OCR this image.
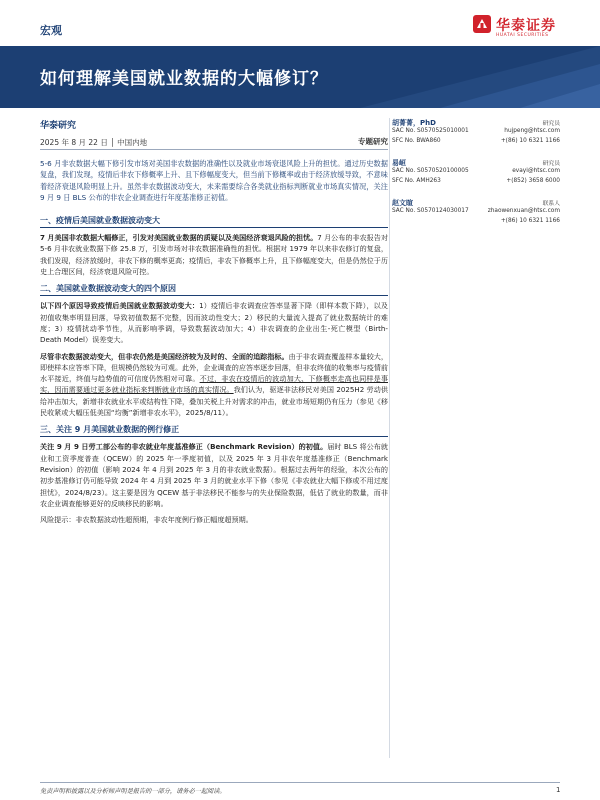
宏观	华泰证券
HUATAI SECURITIES
如何理解美国就业数据的大幅修订？
华泰研究
2025 年 8 月 22 日 │ 中国内地	专题研究

5-6 月非农数据大幅下修引发市场对美国非农数据的准确性以及就业市场衰退风险上升的担忧。通过历史数据复盘，我们发现，疫情后非农下修概率上升、且下修幅度变大，但当前下修概率或由于经济放缓导致，不意味着经济衰退风险明显上升。虽然非农数据波动变大，未来需要综合各类就业指标判断就业市场真实情况，关注 9 月 9 日 BLS 公布的非农企业调查进行年度基准修正初值。

一、疫情后美国就业数据波动变大

7 月美国非农数据大幅修正，引发对美国就业数据的质疑以及美国经济衰退风险的担忧。7 月公布的非农报告对 5-6 月非农就业数据下修 25.8 万，引发市场对非农数据准确性的担忧。根据对 1979 年以来非农修订的复盘，我们发现，经济放缓时，非农下修的概率更高；疫情后，非农下修概率上升，且下修幅度变大，但是仍然位于历史上合理区间，经济衰退风险可控。

二、美国就业数据波动变大的四个原因

以下四个原因导致疫情后美国就业数据波动变大：1）疫情后非农调查应答率显著下降（即样本数下降），以及初值收集率明显回落，导致初值数据不完整，因而波动性变大；2）移民的大量流入提高了就业数据统计的难度；3）疫情扰动季节性，从而影响季调，导致数据波动加大；4）非农调查的企业出生-死亡模型（Birth-Death Model）误差变大。

尽管非农数据波动变大，但非农仍然是美国经济较为及时的、全面的追踪指标。由于非农调查覆盖样本量较大，即使样本应答率下降，但规模仍然较为可观。此外，企业调查的应答率逐步回落，但非农终值的收集率与疫情前水平接近，终值与趋势值的可信度仍然相对可靠。不过，非农在疫情后的波动加大、下修概率走高也同样是事实，因而需要通过更多就业指标来判断就业市场的真实情况。我们认为，驱逐非法移民对美国 2025H2 劳动供给冲击加大，新增非农就业水平或结构性下降，叠加关税上升对需求的冲击，就业市场短期仍有压力（参见《移民收紧或大幅压低美国“均衡”新增非农水平》，2025/8/11）。

三、关注 9 月美国就业数据的例行修正

关注 9 月 9 日劳工部公布的非农就业年度基准修正（Benchmark Revision）的初值。届时 BLS 将公布就业和工资季度普查（QCEW）的 2025 年一季度初值，以及 2025 年 3 月非农年度基准修正（Benchmark Revision）的初值（影响 2024 年 4 月到 2025 年 3 月的非农就业数据）。根据过去两年的经验，本次公布的初步基准修订仍可能导致 2024 年 4 月到 2025 年 3 月的就业水平下修（参见《非农就业大幅下修或不用过度担忧》，2024/8/23）。这主要是因为 QCEW 基于非法移民不能参与的失业保险数据，低估了就业的数量，而非农企业调查能够更好的反映移民的影响。

风险提示：非农数据波动性超预期，非农年度例行修正幅度超预期。

胡菁菁，PhD	研究员
SAC No. S0570525010001	hujpeng@htsc.com
SFC No. BWA860	+(86) 10 6321 1166
易峘	研究员
SAC No. S0570520100005	evayi@htsc.com
SFC No. AMH263	+(852) 3658 6000
赵文暄	联系人
SAC No. S0570124030017	zhaowenxuan@htsc.com
+(86) 10 6321 1166
免责声明和披露以及分析师声明是报告的一部分，请务必一起阅读。	1
